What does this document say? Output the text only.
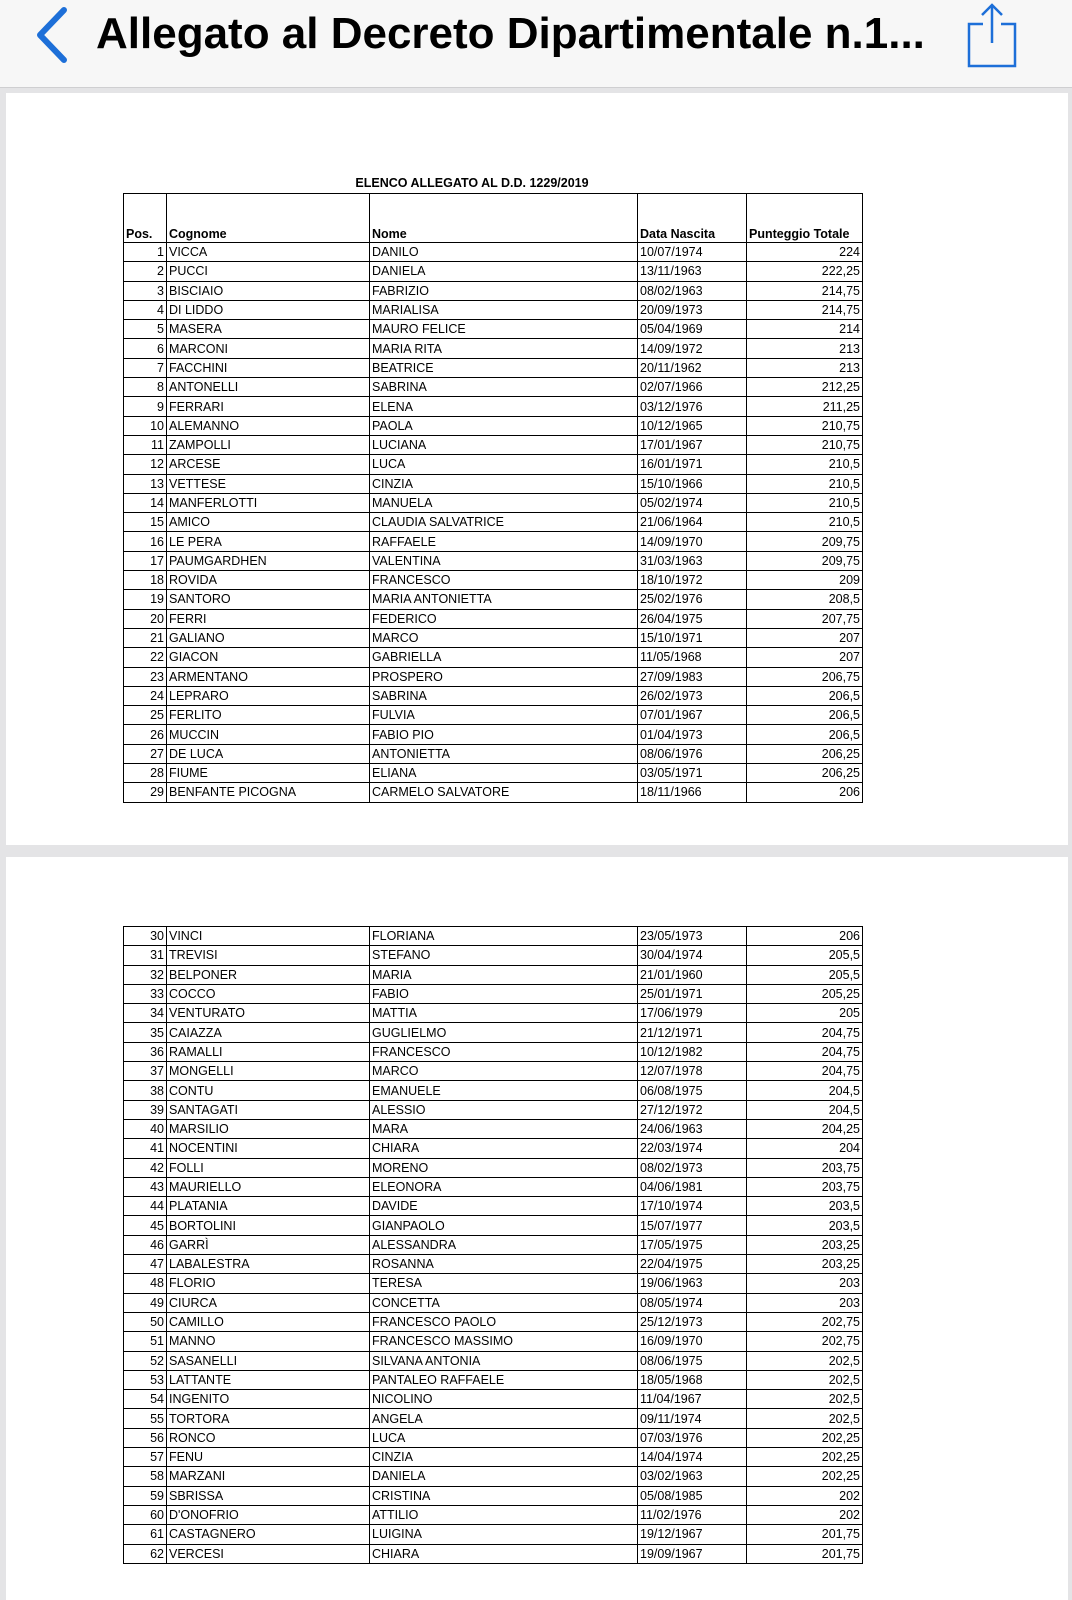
Allegato al Decreto Dipartimentale n.1...
ELENCO ALLEGATO AL D.D. 1229/2019
Pos.	Cognome	Nome	Data Nascita	Punteggio Totale
1	VICCA	DANILO	10/07/1974	224
2	PUCCI	DANIELA	13/11/1963	222,25
3	BISCIAIO	FABRIZIO	08/02/1963	214,75
4	DI LIDDO	MARIALISA	20/09/1973	214,75
5	MASERA	MAURO FELICE	05/04/1969	214
6	MARCONI	MARIA RITA	14/09/1972	213
7	FACCHINI	BEATRICE	20/11/1962	213
8	ANTONELLI	SABRINA	02/07/1966	212,25
9	FERRARI	ELENA	03/12/1976	211,25
10	ALEMANNO	PAOLA	10/12/1965	210,75
11	ZAMPOLLI	LUCIANA	17/01/1967	210,75
12	ARCESE	LUCA	16/01/1971	210,5
13	VETTESE	CINZIA	15/10/1966	210,5
14	MANFERLOTTI	MANUELA	05/02/1974	210,5
15	AMICO	CLAUDIA SALVATRICE	21/06/1964	210,5
16	LE PERA	RAFFAELE	14/09/1970	209,75
17	PAUMGARDHEN	VALENTINA	31/03/1963	209,75
18	ROVIDA	FRANCESCO	18/10/1972	209
19	SANTORO	MARIA ANTONIETTA	25/02/1976	208,5
20	FERRI	FEDERICO	26/04/1975	207,75
21	GALIANO	MARCO	15/10/1971	207
22	GIACON	GABRIELLA	11/05/1968	207
23	ARMENTANO	PROSPERO	27/09/1983	206,75
24	LEPRARO	SABRINA	26/02/1973	206,5
25	FERLITO	FULVIA	07/01/1967	206,5
26	MUCCIN	FABIO PIO	01/04/1973	206,5
27	DE LUCA	ANTONIETTA	08/06/1976	206,25
28	FIUME	ELIANA	03/05/1971	206,25
29	BENFANTE PICOGNA	CARMELO SALVATORE	18/11/1966	206
30	VINCI	FLORIANA	23/05/1973	206
31	TREVISI	STEFANO	30/04/1974	205,5
32	BELPONER	MARIA	21/01/1960	205,5
33	COCCO	FABIO	25/01/1971	205,25
34	VENTURATO	MATTIA	17/06/1979	205
35	CAIAZZA	GUGLIELMO	21/12/1971	204,75
36	RAMALLI	FRANCESCO	10/12/1982	204,75
37	MONGELLI	MARCO	12/07/1978	204,75
38	CONTU	EMANUELE	06/08/1975	204,5
39	SANTAGATI	ALESSIO	27/12/1972	204,5
40	MARSILIO	MARA	24/06/1963	204,25
41	NOCENTINI	CHIARA	22/03/1974	204
42	FOLLI	MORENO	08/02/1973	203,75
43	MAURIELLO	ELEONORA	04/06/1981	203,75
44	PLATANIA	DAVIDE	17/10/1974	203,5
45	BORTOLINI	GIANPAOLO	15/07/1977	203,5
46	GARRÌ	ALESSANDRA	17/05/1975	203,25
47	LABALESTRA	ROSANNA	22/04/1975	203,25
48	FLORIO	TERESA	19/06/1963	203
49	CIURCA	CONCETTA	08/05/1974	203
50	CAMILLO	FRANCESCO PAOLO	25/12/1973	202,75
51	MANNO	FRANCESCO MASSIMO	16/09/1970	202,75
52	SASANELLI	SILVANA ANTONIA	08/06/1975	202,5
53	LATTANTE	PANTALEO RAFFAELE	18/05/1968	202,5
54	INGENITO	NICOLINO	11/04/1967	202,5
55	TORTORA	ANGELA	09/11/1974	202,5
56	RONCO	LUCA	07/03/1976	202,25
57	FENU	CINZIA	14/04/1974	202,25
58	MARZANI	DANIELA	03/02/1963	202,25
59	SBRISSA	CRISTINA	05/08/1985	202
60	D'ONOFRIO	ATTILIO	11/02/1976	202
61	CASTAGNERO	LUIGINA	19/12/1967	201,75
62	VERCESI	CHIARA	19/09/1967	201,75
